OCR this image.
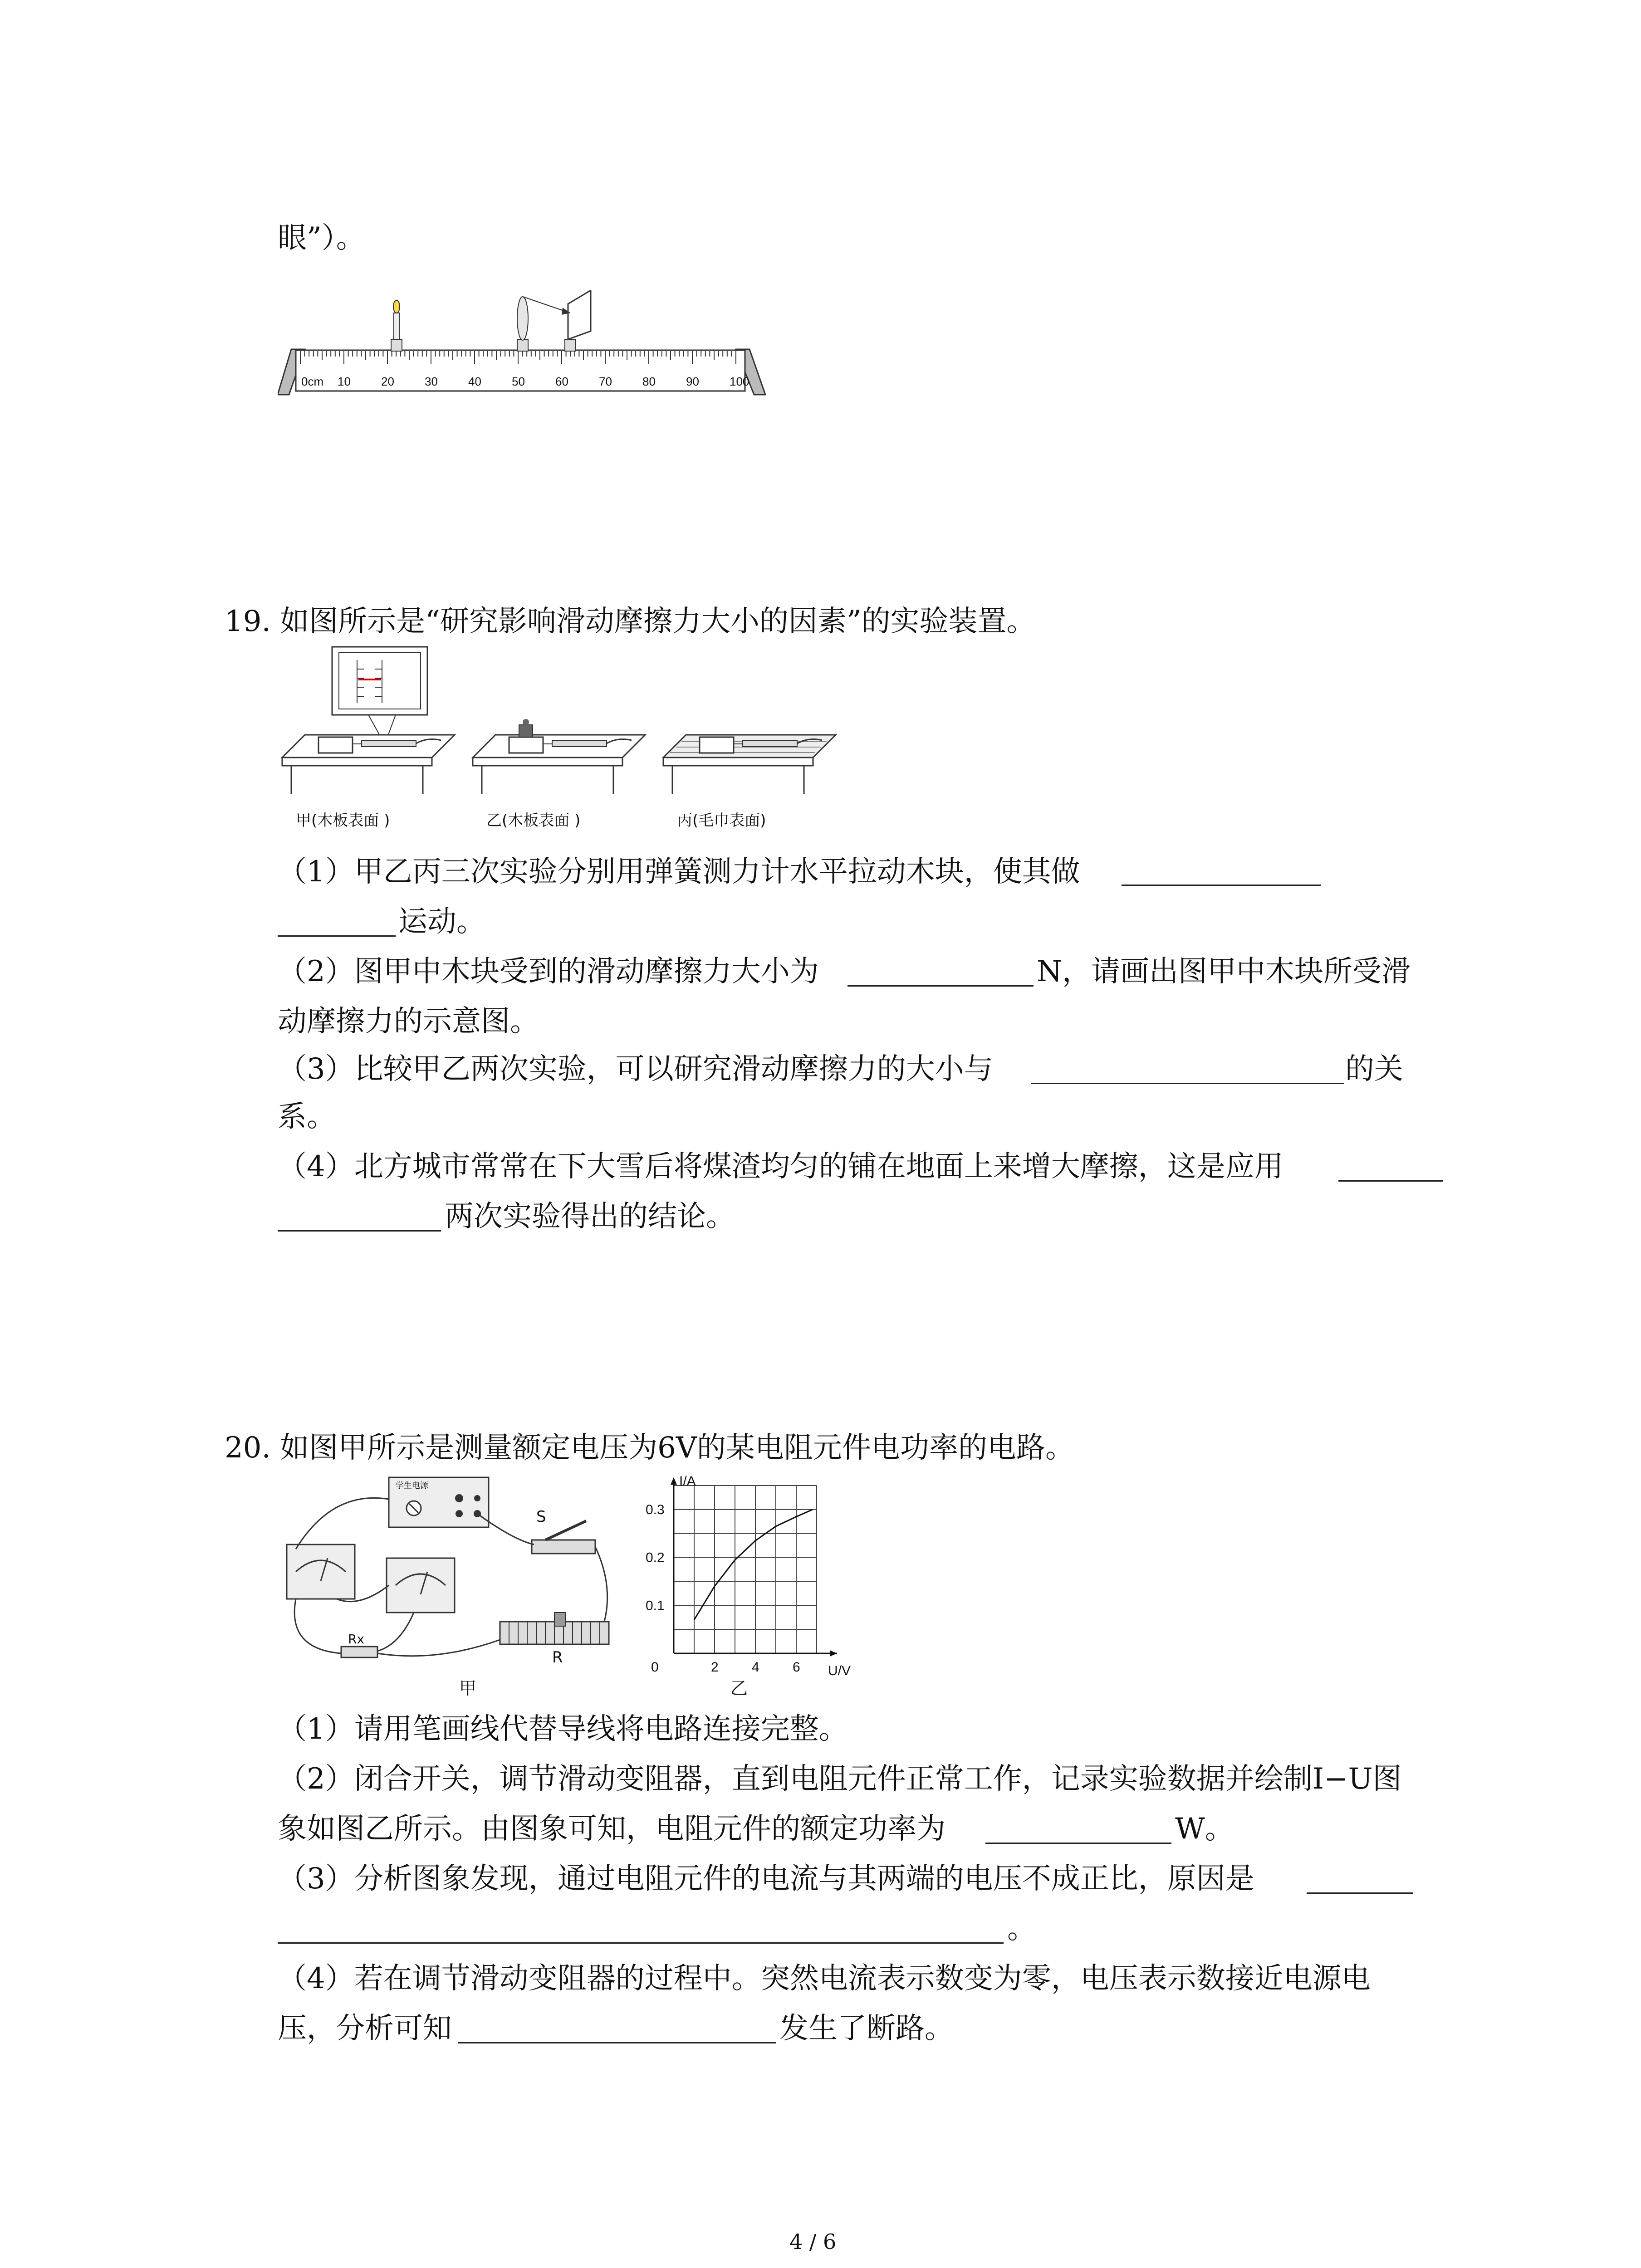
眼”）。
0cm 10	20	30	40	50	60	70	80	90	100
19. 如图所示是“研究影响滑动摩擦力大小的因素”的实验装置。
甲(木板表面 )	乙(木板表面 )	丙(毛巾表面)
（1）甲乙丙三次实验分别用弹簧测力计水平拉动木块，使其做
运动。
（2）图甲中木块受到的滑动摩擦力大小为	N，请画出图甲中木块所受滑
动摩擦力的示意图。
（3）比较甲乙两次实验，可以研究滑动摩擦力的大小与	的关
系。
（4）北方城市常常在下大雪后将煤渣均匀的铺在地面上来增大摩擦，这是应用
两次实验得出的结论。
20. 如图甲所示是测量额定电压为6V的某电阻元件电功率的电路。
学生电源
S
R
Rx
甲
0	2 4 6
0.1
0.2
0.3
U/V
I/A
乙
（1）请用笔画线代替导线将电路连接完整。
（2）闭合开关，调节滑动变阻器，直到电阻元件正常工作，记录实验数据并绘制I−U图
象如图乙所示。由图象可知，电阻元件的额定功率为	W。
（3）分析图象发现，通过电阻元件的电流与其两端的电压不成正比，原因是
。
（4）若在调节滑动变阻器的过程中。突然电流表示数变为零，电压表示数接近电源电
压，分析可知	发生了断路。
4 / 6
